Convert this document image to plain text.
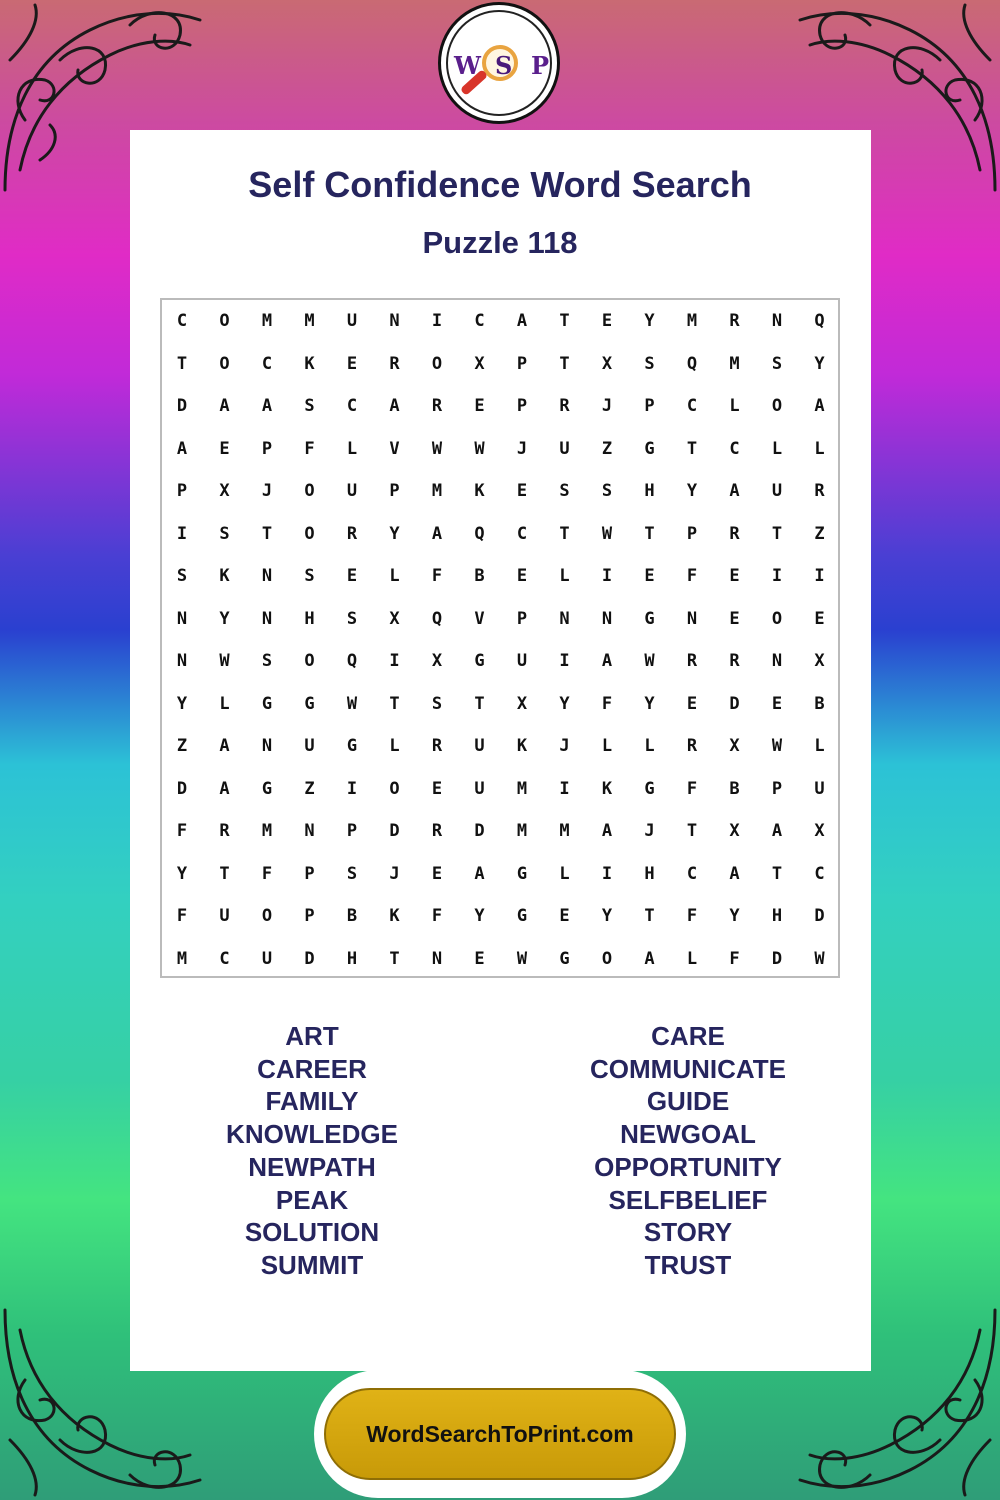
W S P
Self Confidence Word Search
Puzzle 118
C	O	M	M	U	N	I	C	A	T	E	Y	M	R	N	Q
T	O	C	K	E	R	O	X	P	T	X	S	Q	M	S	Y
D	A	A	S	C	A	R	E	P	R	J	P	C	L	O	A
A	E	P	F	L	V	W	W	J	U	Z	G	T	C	L	L
P	X	J	O	U	P	M	K	E	S	S	H	Y	A	U	R
I	S	T	O	R	Y	A	Q	C	T	W	T	P	R	T	Z
S	K	N	S	E	L	F	B	E	L	I	E	F	E	I	I
N	Y	N	H	S	X	Q	V	P	N	N	G	N	E	O	E
N	W	S	O	Q	I	X	G	U	I	A	W	R	R	N	X
Y	L	G	G	W	T	S	T	X	Y	F	Y	E	D	E	B
Z	A	N	U	G	L	R	U	K	J	L	L	R	X	W	L
D	A	G	Z	I	O	E	U	M	I	K	G	F	B	P	U
F	R	M	N	P	D	R	D	M	M	A	J	T	X	A	X
Y	T	F	P	S	J	E	A	G	L	I	H	C	A	T	C
F	U	O	P	B	K	F	Y	G	E	Y	T	F	Y	H	D
M	C	U	D	H	T	N	E	W	G	O	A	L	F	D	W
ART
CAREER
FAMILY
KNOWLEDGE
NEWPATH
PEAK
SOLUTION
SUMMIT
CARE
COMMUNICATE
GUIDE
NEWGOAL
OPPORTUNITY
SELFBELIEF
STORY
TRUST
WordSearchToPrint.com
